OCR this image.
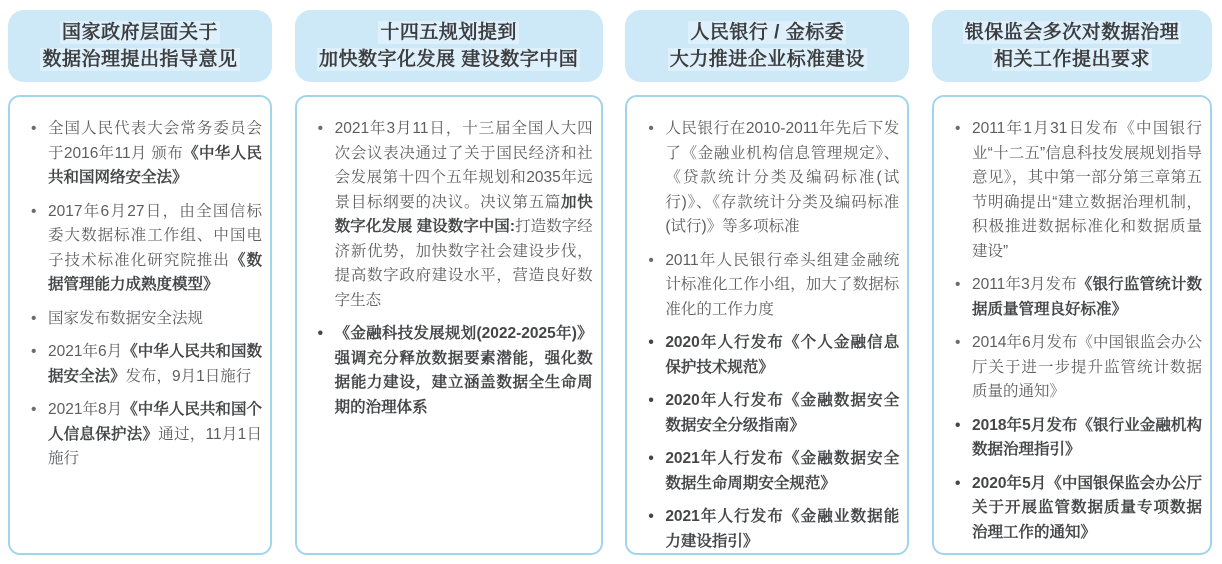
国家政府层面关于
数据治理提出指导意见
• 全国人民代表大会常务委员会于2016年11月 颁布《中华人民共和国网络安全法》
• 2017年6月27日，由全国信标委大数据标准工作组、中国电子技术标准化研究院推出《数据管理能力成熟度模型》
• 国家发布数据安全法规
• 2021年6月《中华人民共和国数据安全法》发布，9月1日施行
• 2021年8月《中华人民共和国个人信息保护法》通过，11月1日施行
十四五规划提到
加快数字化发展 建设数字中国
• 2021年3月11日，十三届全国人大四次会议表决通过了关于国民经济和社会发展第十四个五年规划和2035年远景目标纲要的决议。决议第五篇加快数字化发展 建设数字中国:打造数字经济新优势，加快数字社会建设步伐，提高数字政府建设水平，营造良好数字生态
• 《金融科技发展规划(2022-2025年)》强调充分释放数据要素潜能，强化数据能力建设，建立涵盖数据全生命周期的治理体系
人民银行 / 金标委
大力推进企业标准建设
• 人民银行在2010-2011年先后下发了《金融业机构信息管理规定》、《贷款统计分类及编码标准(试行)》、《存款统计分类及编码标准(试行)》等多项标准
• 2011年人民银行牵头组建金融统计标准化工作小组，加大了数据标准化的工作力度
• 2020年人行发布《个人金融信息保护技术规范》
• 2020年人行发布《金融数据安全数据安全分级指南》
• 2021年人行发布《金融数据安全数据生命周期安全规范》
• 2021年人行发布《金融业数据能力建设指引》
银保监会多次对数据治理
相关工作提出要求
• 2011年1月31日发布《中国银行业“十二五”信息科技发展规划指导意见》，其中第一部分第三章第五节明确提出“建立数据治理机制，积极推进数据标准化和数据质量建设”
• 2011年3月发布《银行监管统计数据质量管理良好标准》
• 2014年6月发布《中国银监会办公厅关于进一步提升监管统计数据质量的通知》
• 2018年5月发布《银行业金融机构数据治理指引》
• 2020年5月《中国银保监会办公厅关于开展监管数据质量专项数据治理工作的通知》
